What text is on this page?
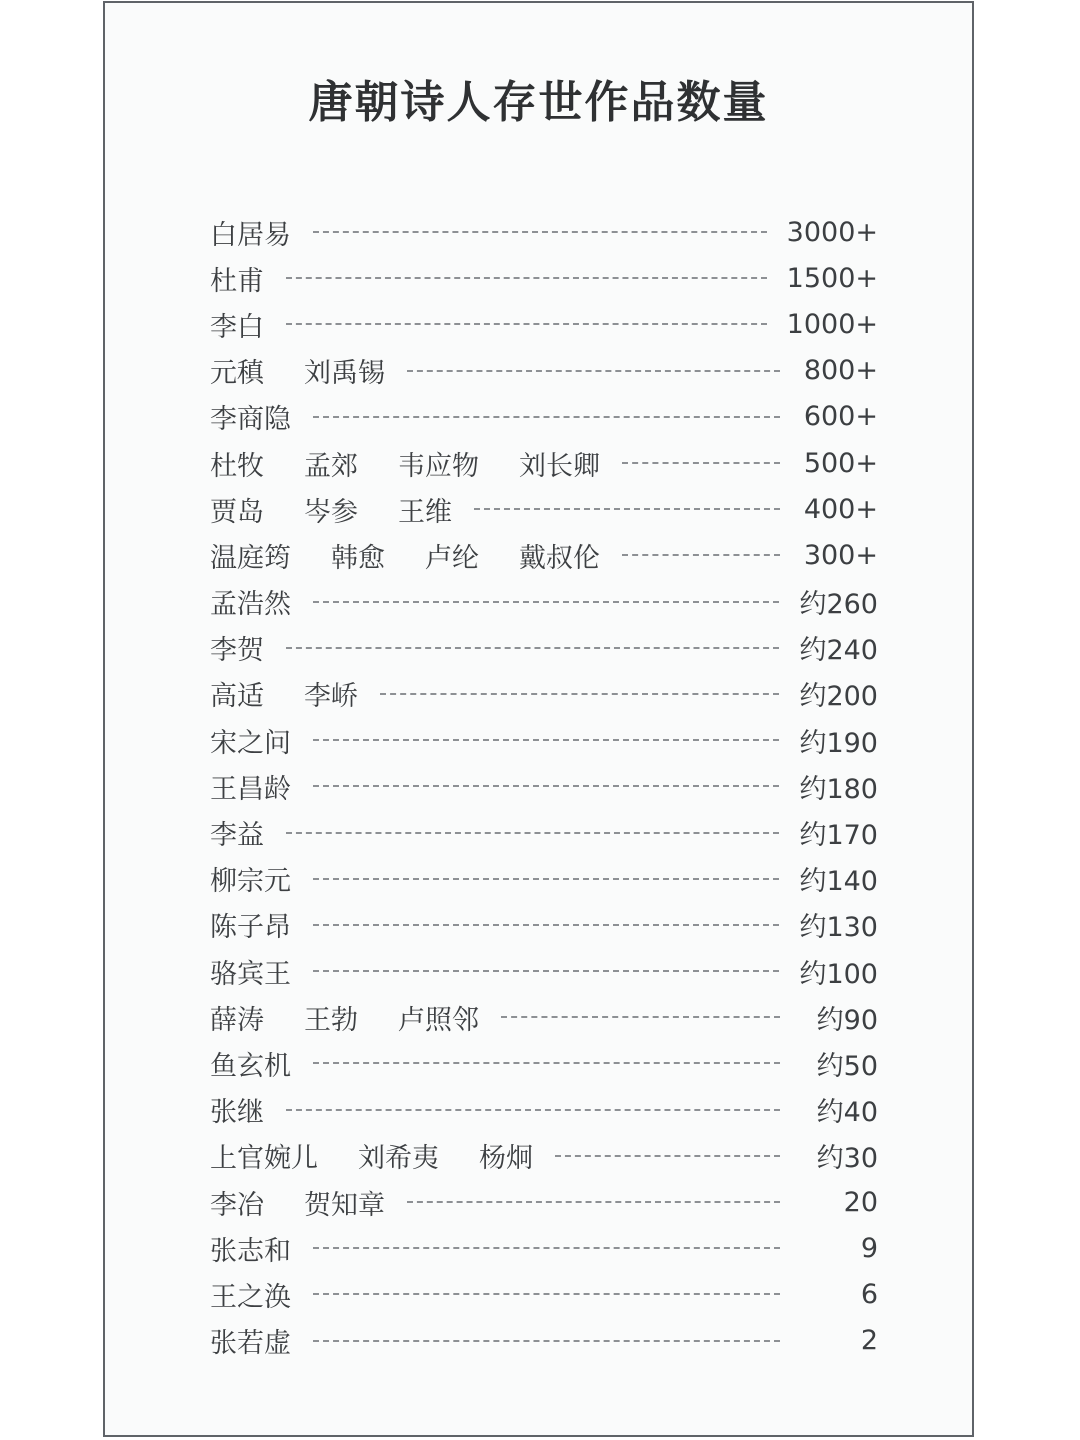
唐朝诗人存世作品数量
白居易	3000+
杜甫	1500+
李白	1000+
元稹 刘禹锡	800+
李商隐	600+
杜牧 孟郊 韦应物 刘长卿	500+
贾岛 岑参 王维	400+
温庭筠 韩愈 卢纶 戴叔伦	300+
孟浩然	约260
李贺	约240
高适 李峤	约200
宋之问	约190
王昌龄	约180
李益	约170
柳宗元	约140
陈子昂	约130
骆宾王	约100
薛涛 王勃 卢照邻	约90
鱼玄机	约50
张继	约40
上官婉儿 刘希夷 杨炯	约30
李冶 贺知章	20
张志和	9
王之涣	6
张若虚	2
